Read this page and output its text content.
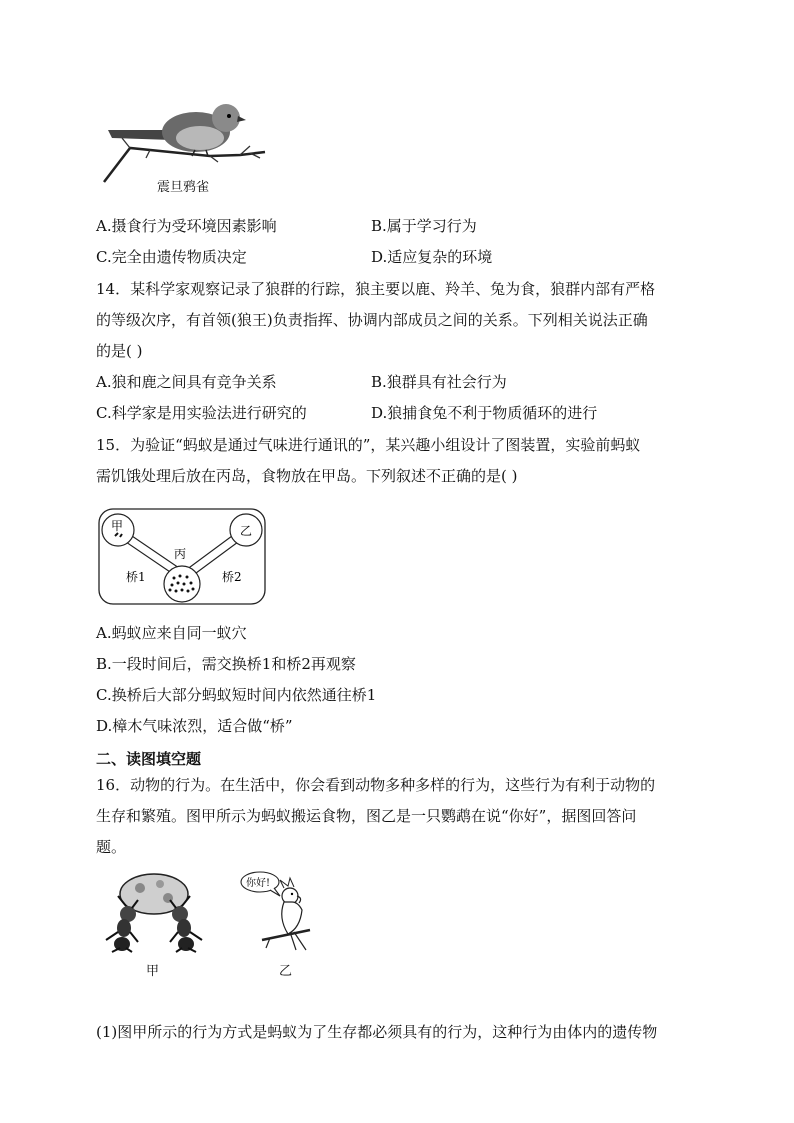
震旦鸦雀
A.摄食行为受环境因素影响	B.属于学习行为
C.完全由遗传物质决定	D.适应复杂的环境
14．某科学家观察记录了狼群的行踪，狼主要以鹿、羚羊、兔为食，狼群内部有严格
的等级次序，有首领(狼王)负责指挥、协调内部成员之间的关系。下列相关说法正确
的是( )
A.狼和鹿之间具有竞争关系	B.狼群具有社会行为
C.科学家是用实验法进行研究的	D.狼捕食兔不利于物质循环的进行
15．为验证“蚂蚁是通过气味进行通讯的”，某兴趣小组设计了图装置，实验前蚂蚁
需饥饿处理后放在丙岛，食物放在甲岛。下列叙述不正确的是( )
甲	乙
丙
桥1	桥2
A.蚂蚁应来自同一蚁穴
B.一段时间后，需交换桥1和桥2再观察
C.换桥后大部分蚂蚁短时间内依然通往桥1
D.樟木气味浓烈，适合做“桥”
二、读图填空题
16．动物的行为。在生活中，你会看到动物多种多样的行为，这些行为有利于动物的
生存和繁殖。图甲所示为蚂蚁搬运食物，图乙是一只鹦鹉在说“你好”，据图回答问
题。
甲
你好!
乙
(1)图甲所示的行为方式是蚂蚁为了生存都必须具有的行为，这种行为由体内的遗传物
